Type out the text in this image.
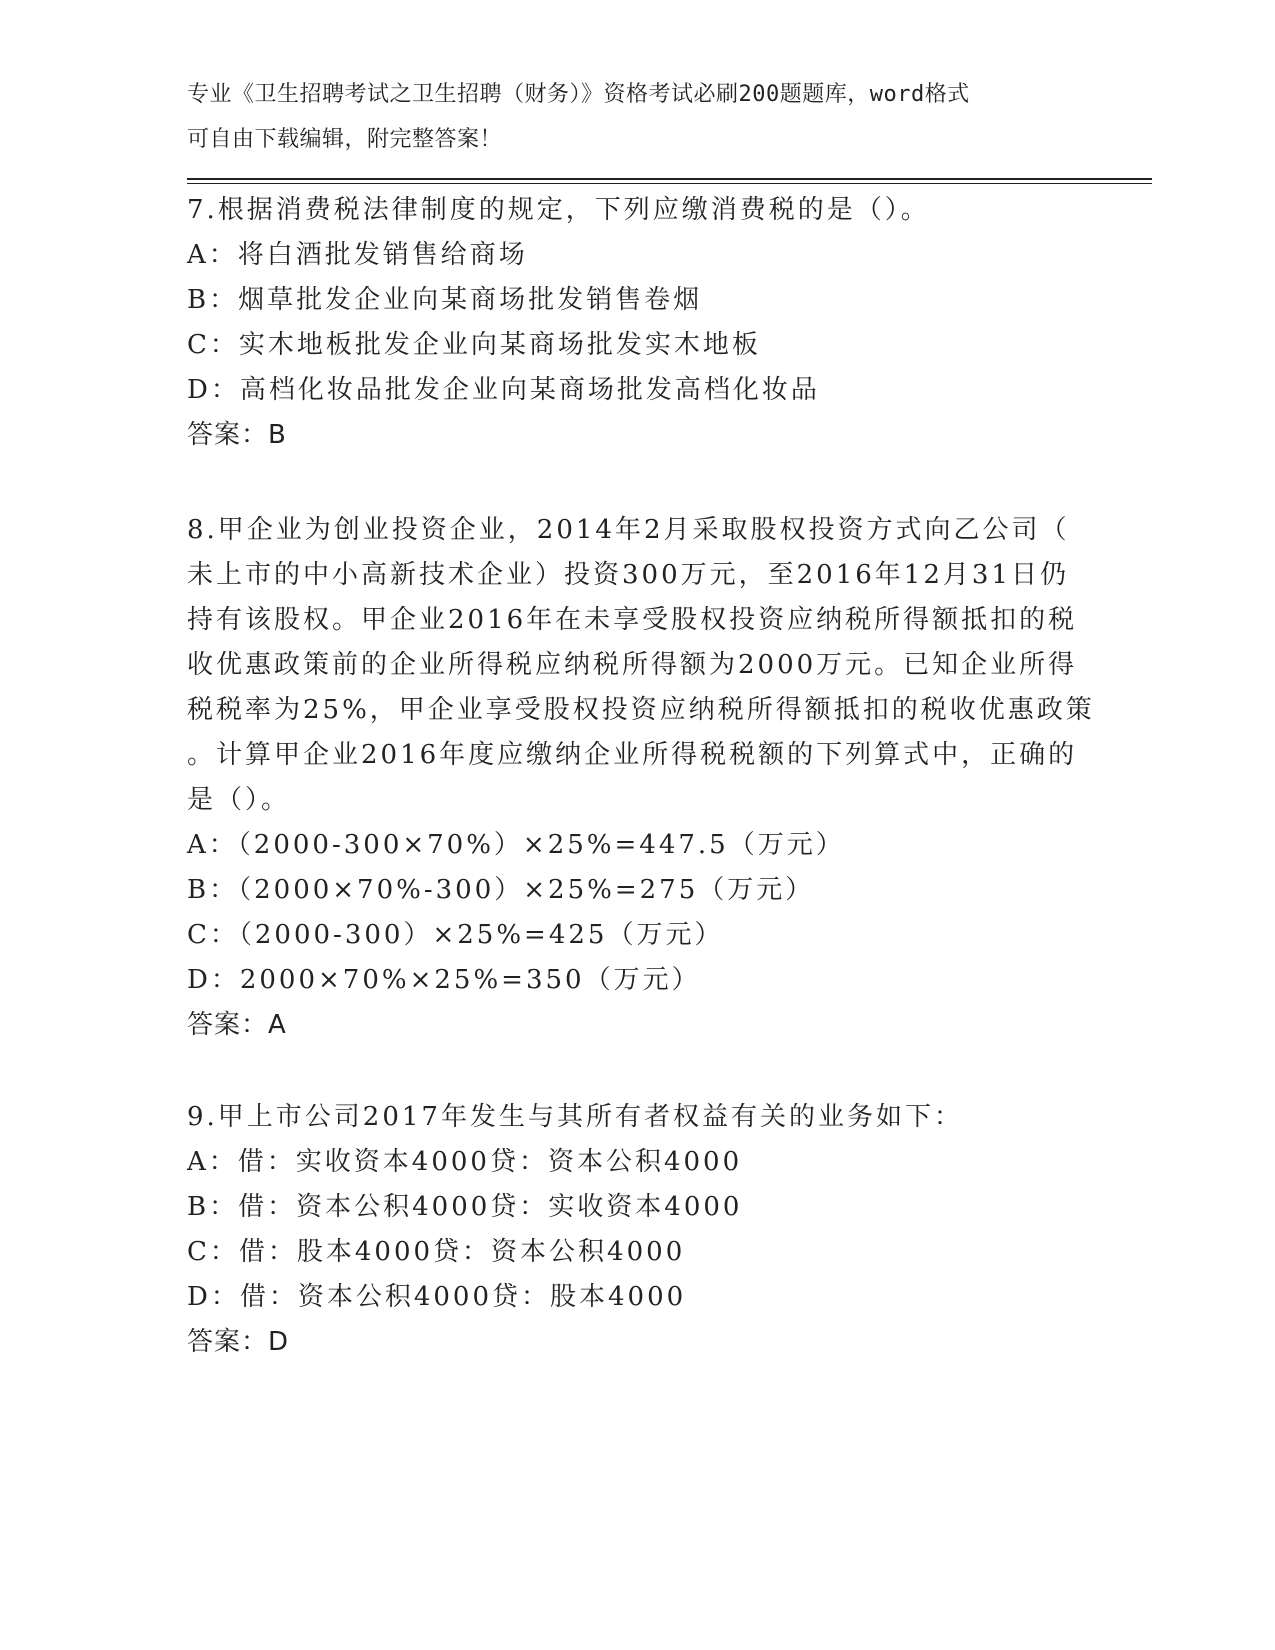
专业《卫生招聘考试之卫生招聘（财务）》资格考试必刷200题题库，word格式
可自由下载编辑，附完整答案！
7.根据消费税法律制度的规定，下列应缴消费税的是（）。
A：将白酒批发销售给商场
B：烟草批发企业向某商场批发销售卷烟
C：实木地板批发企业向某商场批发实木地板
D：高档化妆品批发企业向某商场批发高档化妆品
答案：B
8.甲企业为创业投资企业，2014年2月采取股权投资方式向乙公司（
未上市的中小高新技术企业）投资300万元，至2016年12月31日仍
持有该股权。甲企业2016年在未享受股权投资应纳税所得额抵扣的税
收优惠政策前的企业所得税应纳税所得额为2000万元。已知企业所得
税税率为25%，甲企业享受股权投资应纳税所得额抵扣的税收优惠政策
。计算甲企业2016年度应缴纳企业所得税税额的下列算式中，正确的
是（）。
A：（2000-300×70%）×25%=447.5（万元）
B：（2000×70%-300）×25%=275（万元）
C：（2000-300）×25%=425（万元）
D：2000×70%×25%=350（万元）
答案：A
9.甲上市公司2017年发生与其所有者权益有关的业务如下：
A：借：实收资本4000贷：资本公积4000
B：借：资本公积4000贷：实收资本4000
C：借：股本4000贷：资本公积4000
D：借：资本公积4000贷：股本4000
答案：D
